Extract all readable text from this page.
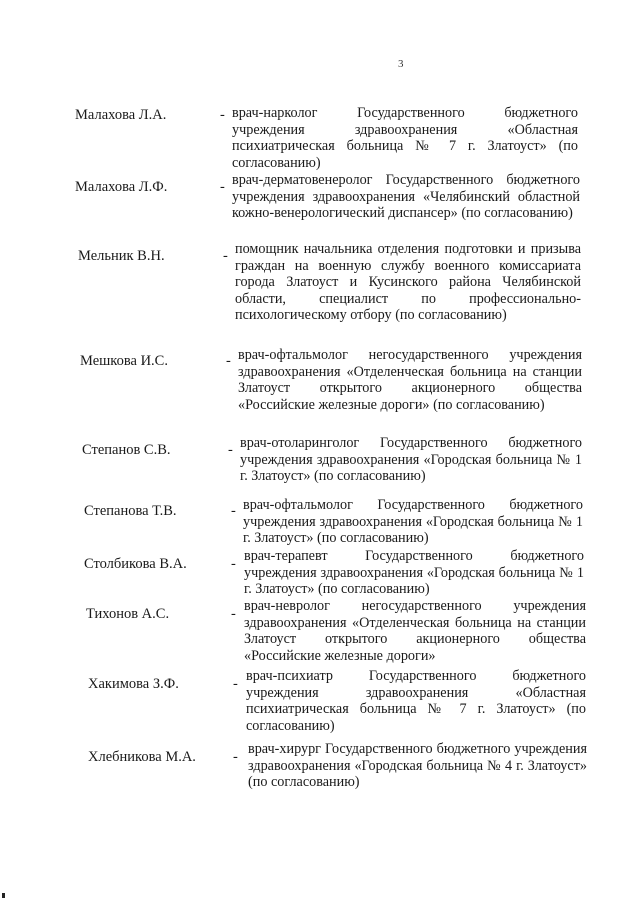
3
Малахова Л.А.	- врач-нарколог Государственного бюджетного учреждения здравоохранения «Областная психиатрическая больница № 7 г. Златоуст» (по согласованию)
Малахова Л.Ф.	- врач-дерматовенеролог Государственного бюджетного учреждения здравоохранения «Челябинский областной кожно-венерологический диспансер» (по согласованию)
Мельник В.Н.	- помощник начальника отделения подготовки и призыва граждан на военную службу военного комиссариата города Златоуст и Кусинского района Челябинской области, специалист по профессионально-психологическому отбору (по согласованию)
Мешкова И.С.	- врач-офтальмолог негосударственного учреждения здравоохранения «Отделенческая больница на станции Златоуст открытого акционерного общества «Российские железные дороги» (по согласованию)
Степанов С.В.	- врач-отоларинголог Государственного бюджетного учреждения здравоохранения «Городская больница № 1 г. Златоуст» (по согласованию)
Степанова Т.В.	- врач-офтальмолог Государственного бюджетного учреждения здравоохранения «Городская больница № 1 г. Златоуст» (по согласованию)
Столбикова В.А.	- врач-терапевт Государственного бюджетного учреждения здравоохранения «Городская больница № 1 г. Златоуст» (по согласованию)
Тихонов А.С.	- врач-невролог негосударственного учреждения здравоохранения «Отделенческая больница на станции Златоуст открытого акционерного общества «Российские железные дороги»
Хакимова З.Ф.	- врач-психиатр Государственного бюджетного учреждения здравоохранения «Областная психиатрическая больница № 7 г. Златоуст» (по согласованию)
Хлебникова М.А.	- врач-хирург Государственного бюджетного учреждения здравоохранения «Городская больница № 4 г. Златоуст» (по согласованию)
